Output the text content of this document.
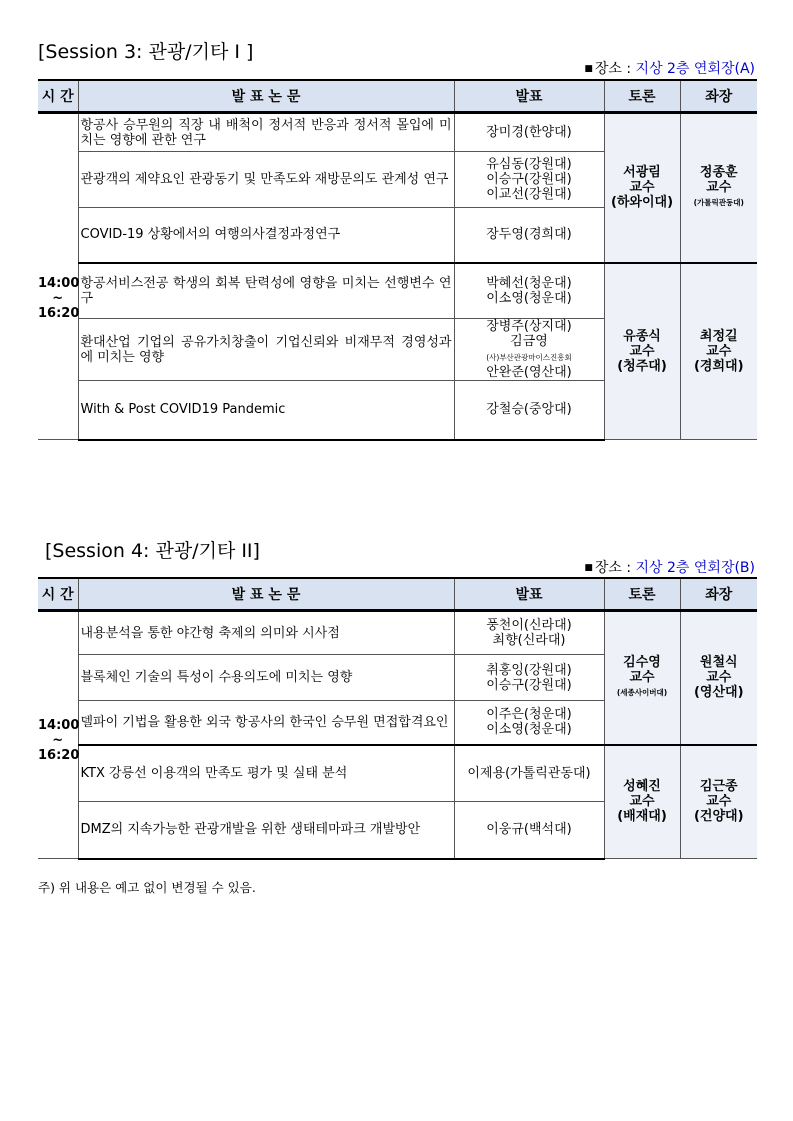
[Session 3: 관광/기타 I ]
■ 장소 : 지상 2층 연회장(A)
시 간	발 표 논 문	발표	토론	좌장

14:00
~
16:20	항공사 승무원의 직장 내 배척이 정서적 반응과 정서적 몰입에 미치는 영향에 관한 연구	장미경(한양대)	서광림
교수
(하와이대)	정종훈
교수
(가톨릭관동대)

	관광객의 제약요인 관광동기 및 만족도와 재방문의도 관계성 연구	유심동(강원대)
이승구(강원대)
이교선(강원대)		

	COVID-19 상황에서의 여행의사결정과정연구	장두영(경희대)		

	항공서비스전공 학생의 회복 탄력성에 영향을 미치는 선행변수 연구	박혜선(청운대)
이소영(청운대)	유종식
교수
(청주대)	최정길
교수
(경희대)

	환대산업 기업의 공유가치창출이 기업신뢰와 비재무적 경영성과에 미치는 영향	장병주(상지대)
김금영
(사)부산관광마이스진흥회
안완준(영산대)		

	With & Post COVID19 Pandemic	강철승(중앙대)		
[Session 4: 관광/기타 II]
■ 장소 : 지상 2층 연회장(B)
시 간	발 표 논 문	발표	토론	좌장

14:00
~
16:20	내용분석을 통한 야간형 축제의 의미와 시사점	풍천이(신라대)
최향(신라대)	김수영
교수
(세종사이버대)	원철식
교수
(영산대)

	블록체인 기술의 특성이 수용의도에 미치는 영향	취홍잉(강원대)
이승구(강원대)		

	델파이 기법을 활용한 외국 항공사의 한국인 승무원 면접합격요인	이주은(청운대)
이소영(청운대)		

	KTX 강릉선 이용객의 만족도 평가 및 실태 분석	이제용(가톨릭관동대)	성혜진
교수
(배재대)	김근종
교수
(건양대)

	DMZ의 지속가능한 관광개발을 위한 생태테마파크 개발방안	이웅규(백석대)		
주) 위 내용은 예고 없이 변경될 수 있음.
